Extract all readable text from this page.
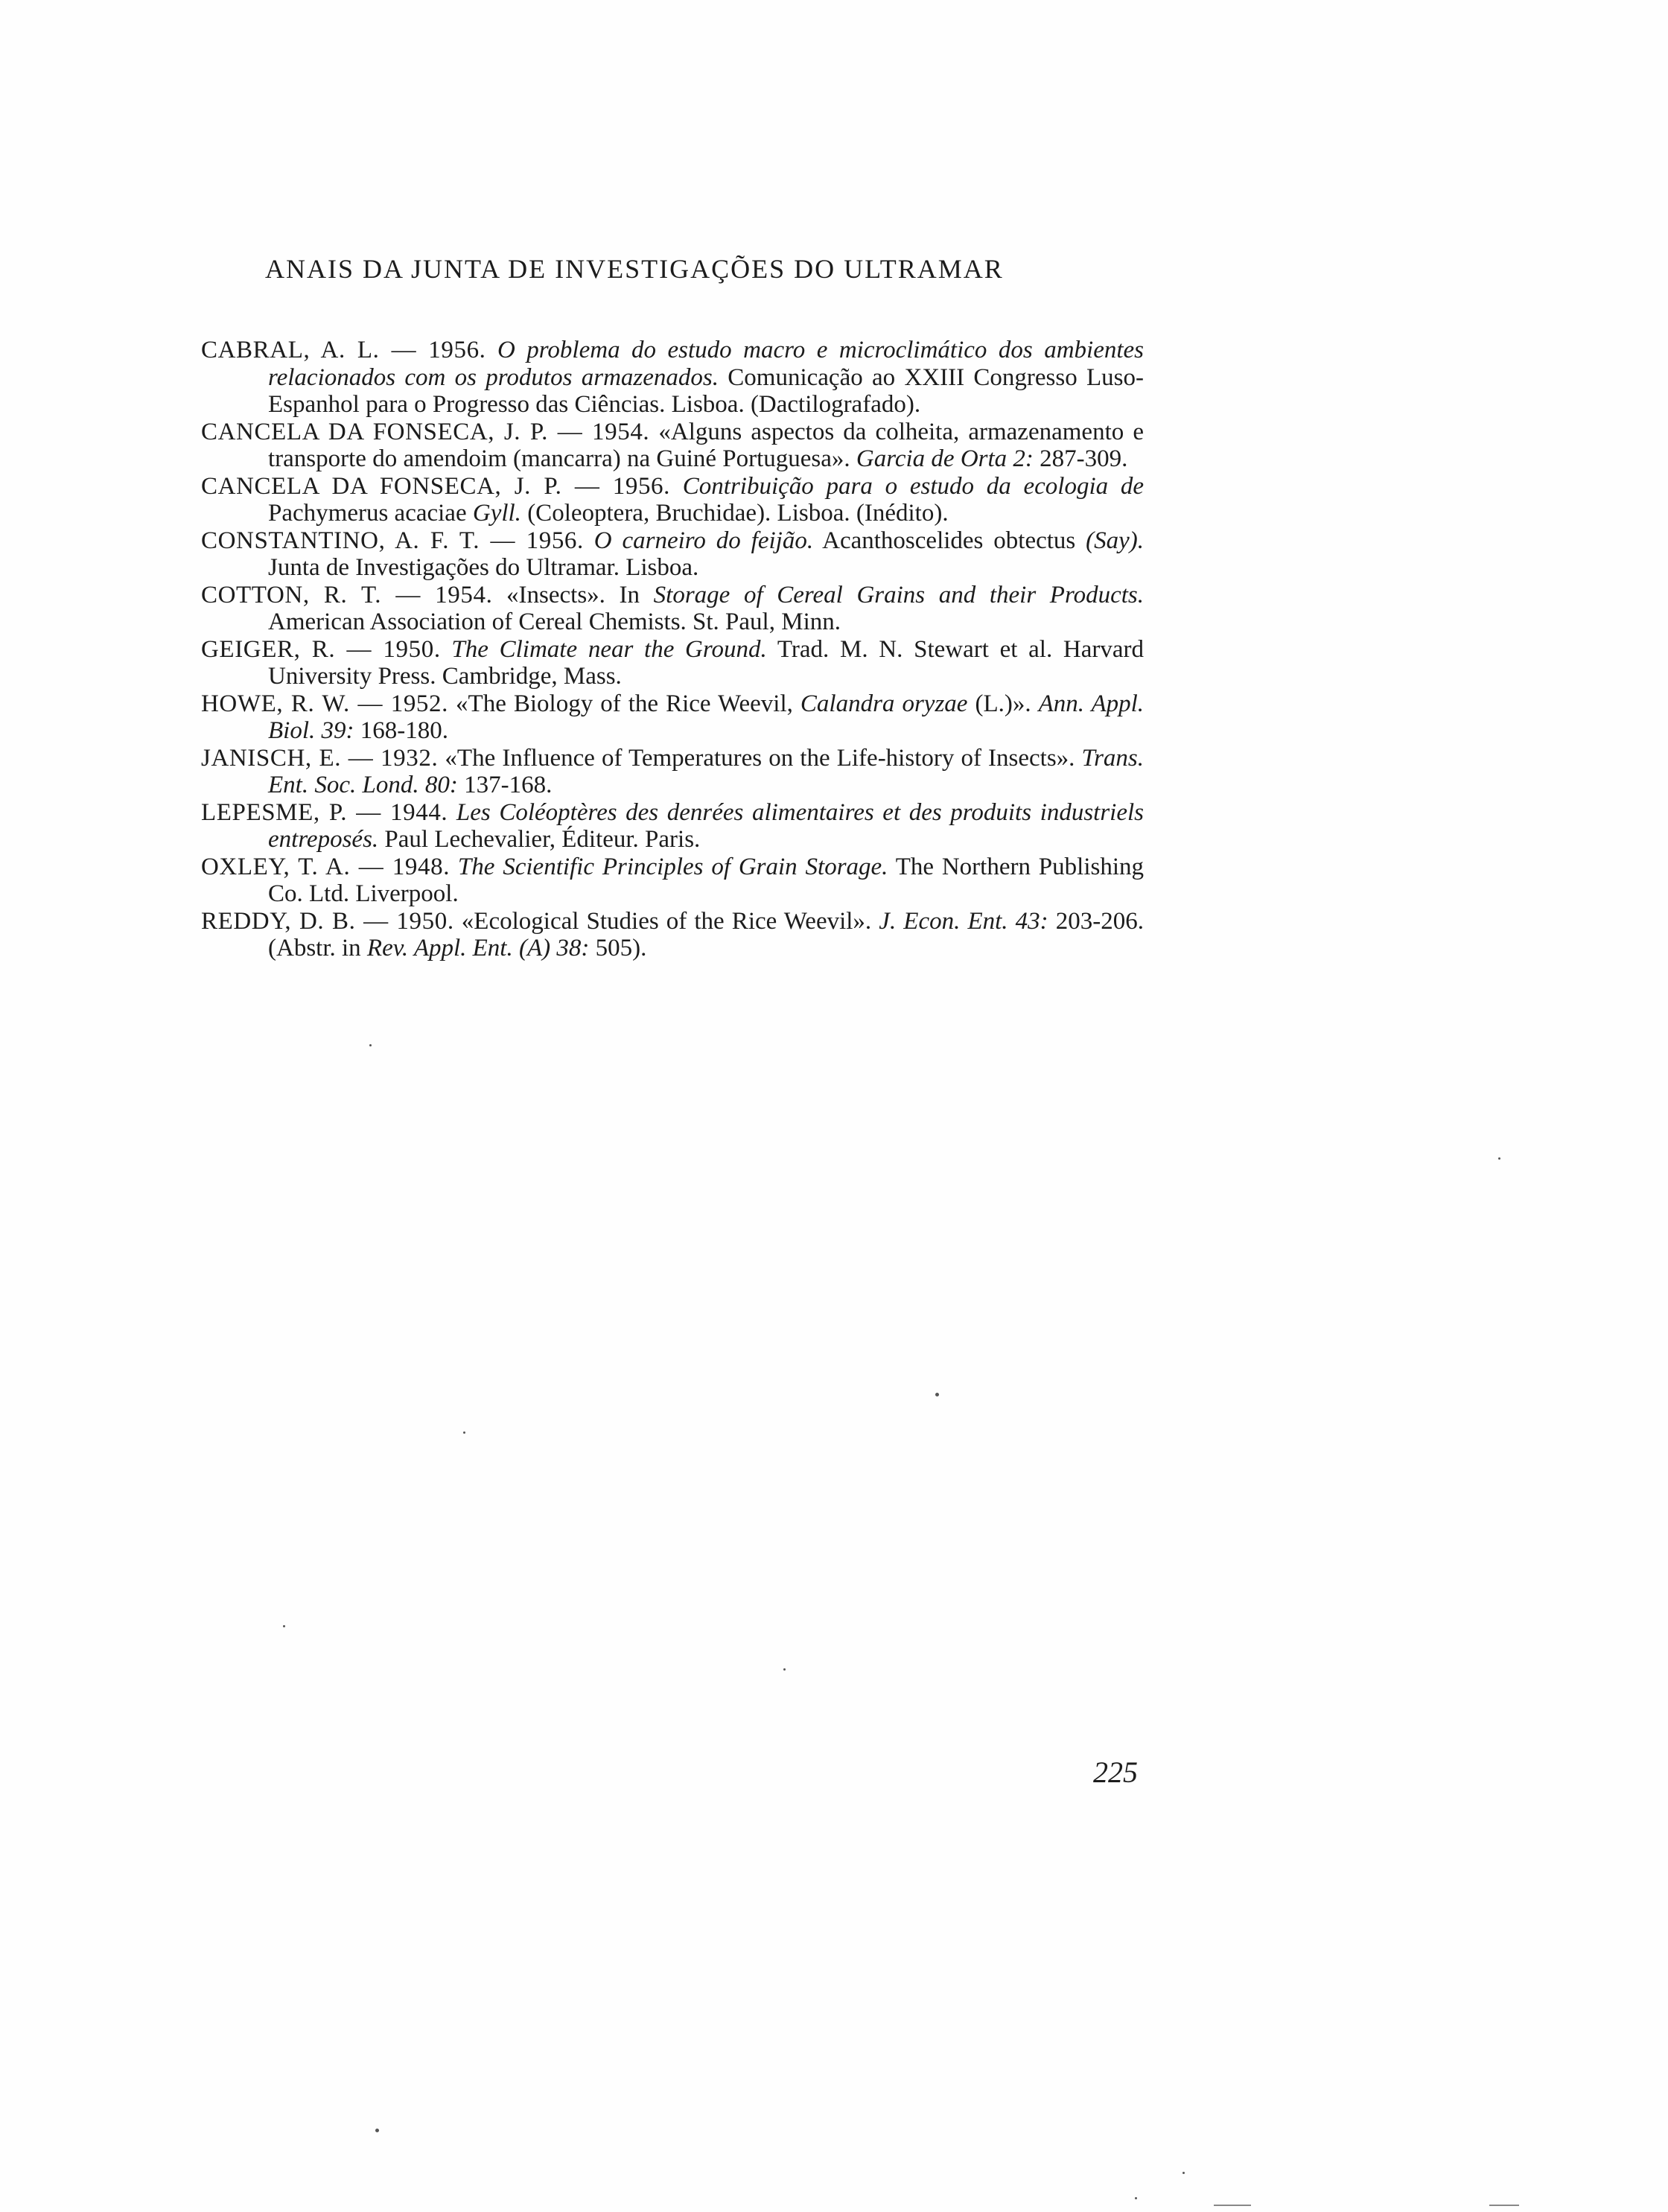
ANAIS DA JUNTA DE INVESTIGAÇÕES DO ULTRAMAR

CABRAL, A. L. — 1956. O problema do estudo macro e microclimático dos ambientes relacionados com os produtos armazenados. Comunicação ao XXIII Congresso Luso-Espanhol para o Progresso das Ciências. Lisboa. (Dactilografado).

CANCELA DA FONSECA, J. P. — 1954. «Alguns aspectos da colheita, armazenamento e transporte do amendoim (mancarra) na Guiné Portuguesa». Garcia de Orta 2: 287-309.

CANCELA DA FONSECA, J. P. — 1956. Contribuição para o estudo da ecologia de Pachymerus acaciae Gyll. (Coleoptera, Bruchidae). Lisboa. (Inédito).

CONSTANTINO, A. F. T. — 1956. O carneiro do feijão. Acanthoscelides obtectus (Say). Junta de Investigações do Ultramar. Lisboa.

COTTON, R. T. — 1954. «Insects». In Storage of Cereal Grains and their Products. American Association of Cereal Chemists. St. Paul, Minn.

GEIGER, R. — 1950. The Climate near the Ground. Trad. M. N. Stewart et al. Harvard University Press. Cambridge, Mass.

HOWE, R. W. — 1952. «The Biology of the Rice Weevil, Calandra oryzae (L.)». Ann. Appl. Biol. 39: 168-180.

JANISCH, E. — 1932. «The Influence of Temperatures on the Life-history of Insects». Trans. Ent. Soc. Lond. 80: 137-168.

LEPESME, P. — 1944. Les Coléoptères des denrées alimentaires et des produits industriels entreposés. Paul Lechevalier, Éditeur. Paris.

OXLEY, T. A. — 1948. The Scientific Principles of Grain Storage. The Northern Publishing Co. Ltd. Liverpool.

REDDY, D. B. — 1950. «Ecological Studies of the Rice Weevil». J. Econ. Ent. 43: 203-206. (Abstr. in Rev. Appl. Ent. (A) 38: 505).

225
